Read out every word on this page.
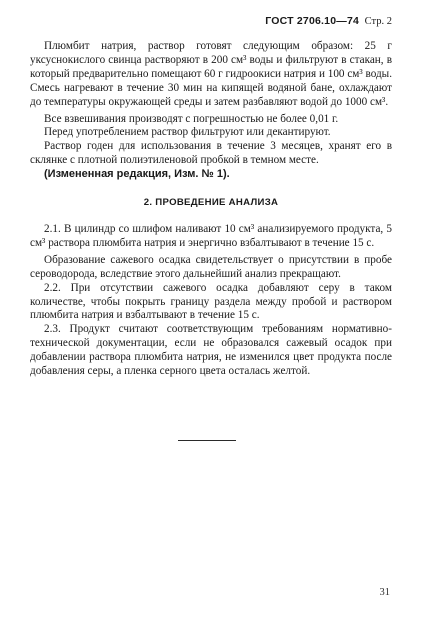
ГОСТ 2706.10—74 Стр. 2

Плюмбит натрия, раствор готовят следующим образом: 25 г уксуснокислого свинца растворяют в 200 см³ воды и фильтруют в стакан, в который предварительно помещают 60 г гидроокиси натрия и 100 см³ воды. Смесь нагревают в течение 30 мин на кипящей водяной бане, охлаждают до температуры окружающей среды и затем разбавляют водой до 1000 см³.

Все взвешивания производят с погрешностью не более 0,01 г.

Перед употреблением раствор фильтруют или декантируют.

Раствор годен для использования в течение 3 месяцев, хранят его в склянке с плотной полиэтиленовой пробкой в темном месте.

(Измененная редакция, Изм. № 1).

2. ПРОВЕДЕНИЕ АНАЛИЗА

2.1. В цилиндр со шлифом наливают 10 см³ анализируемого продукта, 5 см³ раствора плюмбита натрия и энергично взбалтывают в течение 15 с.

Образование сажевого осадка свидетельствует о присутствии в пробе сероводорода, вследствие этого дальнейший анализ прекращают.

2.2. При отсутствии сажевого осадка добавляют серу в таком количестве, чтобы покрыть границу раздела между пробой и раствором плюмбита натрия и взбалтывают в течение 15 с.

2.3. Продукт считают соответствующим требованиям нормативно-технической документации, если не образовался сажевый осадок при добавлении раствора плюмбита натрия, не изменился цвет продукта после добавления серы, а пленка серного цвета осталась желтой.

31
